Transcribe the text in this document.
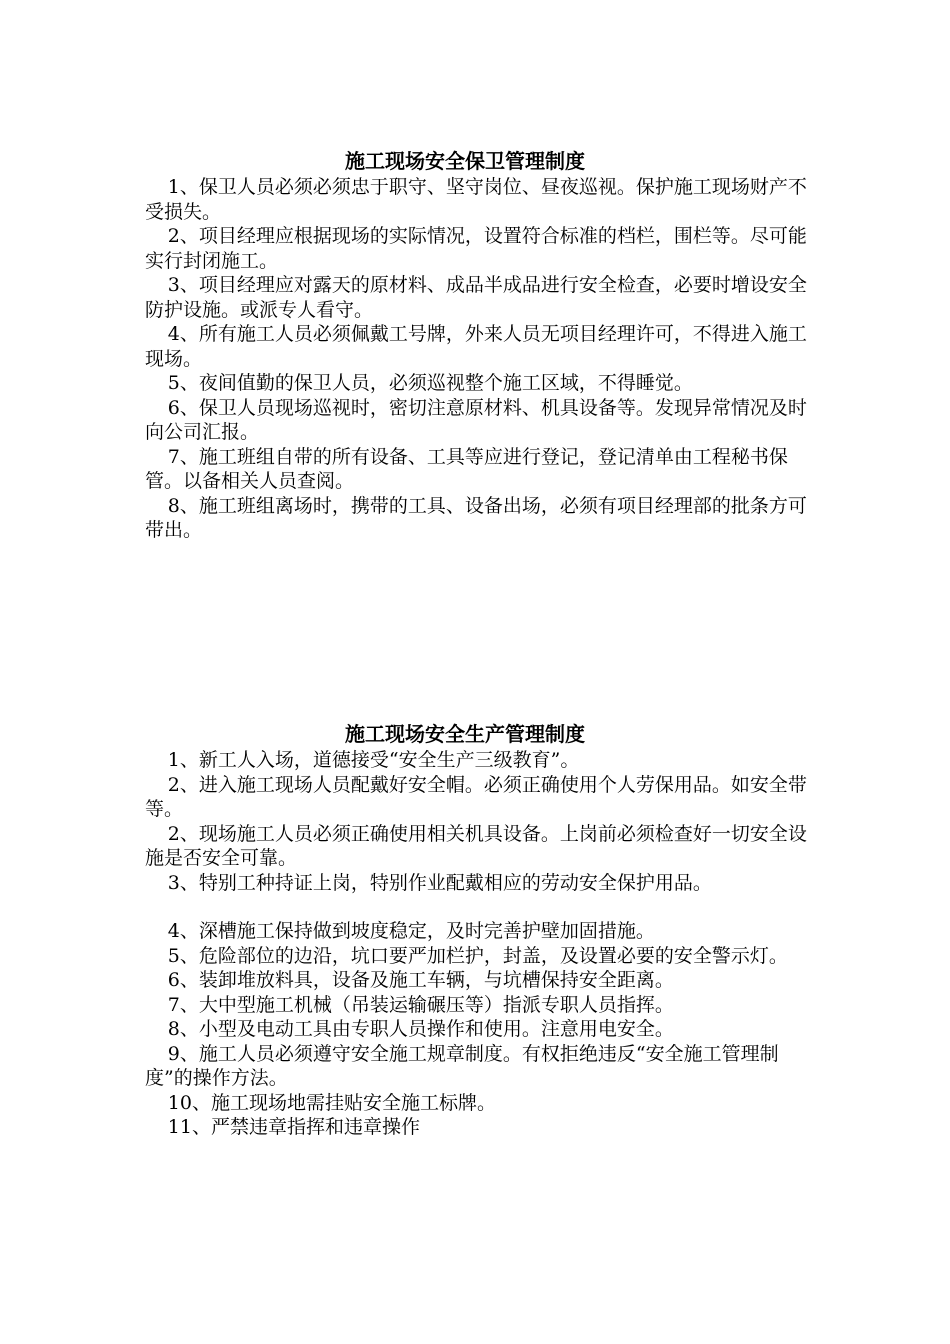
施工现场安全保卫管理制度

1、保卫人员必须必须忠于职守、坚守岗位、昼夜巡视。保护施工现场财产不受损失。

2、项目经理应根据现场的实际情况，设置符合标准的档栏，围栏等。尽可能实行封闭施工。

3、项目经理应对露天的原材料、成品半成品进行安全检查，必要时增设安全防护设施。或派专人看守。

4、所有施工人员必须佩戴工号牌，外来人员无项目经理许可，不得进入施工现场。

5、夜间值勤的保卫人员，必须巡视整个施工区域，不得睡觉。

6、保卫人员现场巡视时，密切注意原材料、机具设备等。发现异常情况及时向公司汇报。

7、施工班组自带的所有设备、工具等应进行登记，登记清单由工程秘书保管。以备相关人员查阅。

8、施工班组离场时，携带的工具、设备出场，必须有项目经理部的批条方可带出。

施工现场安全生产管理制度

1、新工人入场，道德接受“安全生产三级教育”。

2、进入施工现场人员配戴好安全帽。必须正确使用个人劳保用品。如安全带等。

2、现场施工人员必须正确使用相关机具设备。上岗前必须检查好一切安全设施是否安全可靠。

3、特别工种持证上岗，特别作业配戴相应的劳动安全保护用品。

4、深槽施工保持做到坡度稳定，及时完善护壁加固措施。

5、危险部位的边沿，坑口要严加栏护，封盖，及设置必要的安全警示灯。

6、装卸堆放料具，设备及施工车辆，与坑槽保持安全距离。

7、大中型施工机械（吊装运输碾压等）指派专职人员指挥。

8、小型及电动工具由专职人员操作和使用。注意用电安全。

9、施工人员必须遵守安全施工规章制度。有权拒绝违反“安全施工管理制度”的操作方法。

10、施工现场地需挂贴安全施工标牌。

11、严禁违章指挥和违章操作
